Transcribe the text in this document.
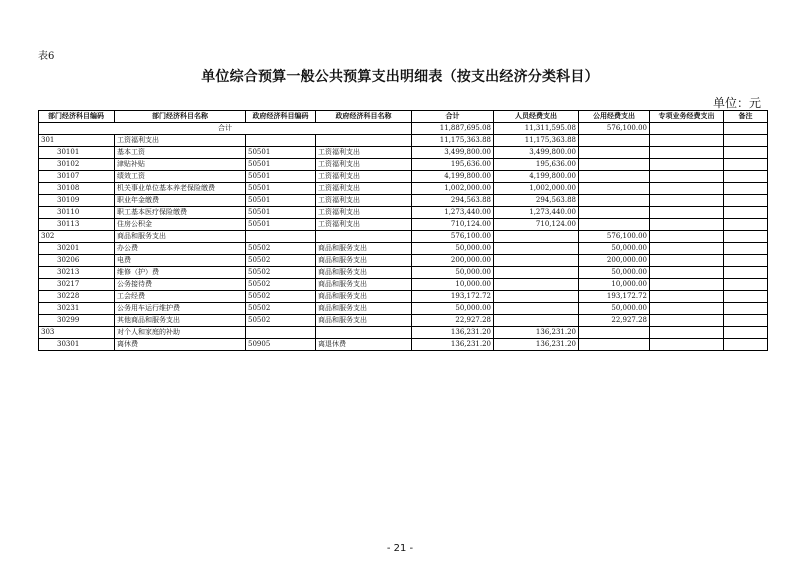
表6
单位综合预算一般公共预算支出明细表（按支出经济分类科目）
单位：元
部门经济科目编码	部门经济科目名称	政府经济科目编码	政府经济科目名称	合计	人员经费支出	公用经费支出	专项业务经费支出	备注
合计				11,887,695.08	11,311,595.08	576,100.00		
301	工资福利支出			11,175,363.88	11,175,363.88			
30101	基本工资	50501	工资福利支出	3,499,800.00	3,499,800.00			
30102	津贴补贴	50501	工资福利支出	195,636.00	195,636.00			
30107	绩效工资	50501	工资福利支出	4,199,800.00	4,199,800.00			
30108	机关事业单位基本养老保险缴费	50501	工资福利支出	1,002,000.00	1,002,000.00			
30109	职业年金缴费	50501	工资福利支出	294,563.88	294,563.88			
30110	职工基本医疗保险缴费	50501	工资福利支出	1,273,440.00	1,273,440.00			
30113	住房公积金	50501	工资福利支出	710,124.00	710,124.00			
302	商品和服务支出			576,100.00		576,100.00		
30201	办公费	50502	商品和服务支出	50,000.00		50,000.00		
30206	电费	50502	商品和服务支出	200,000.00		200,000.00		
30213	维修（护）费	50502	商品和服务支出	50,000.00		50,000.00		
30217	公务接待费	50502	商品和服务支出	10,000.00		10,000.00		
30228	工会经费	50502	商品和服务支出	193,172.72		193,172.72		
30231	公务用车运行维护费	50502	商品和服务支出	50,000.00		50,000.00		
30299	其他商品和服务支出	50502	商品和服务支出	22,927.28		22,927.28		
303	对个人和家庭的补助			136,231.20	136,231.20			
30301	离休费	50905	离退休费	136,231.20	136,231.20			
- 21 -
